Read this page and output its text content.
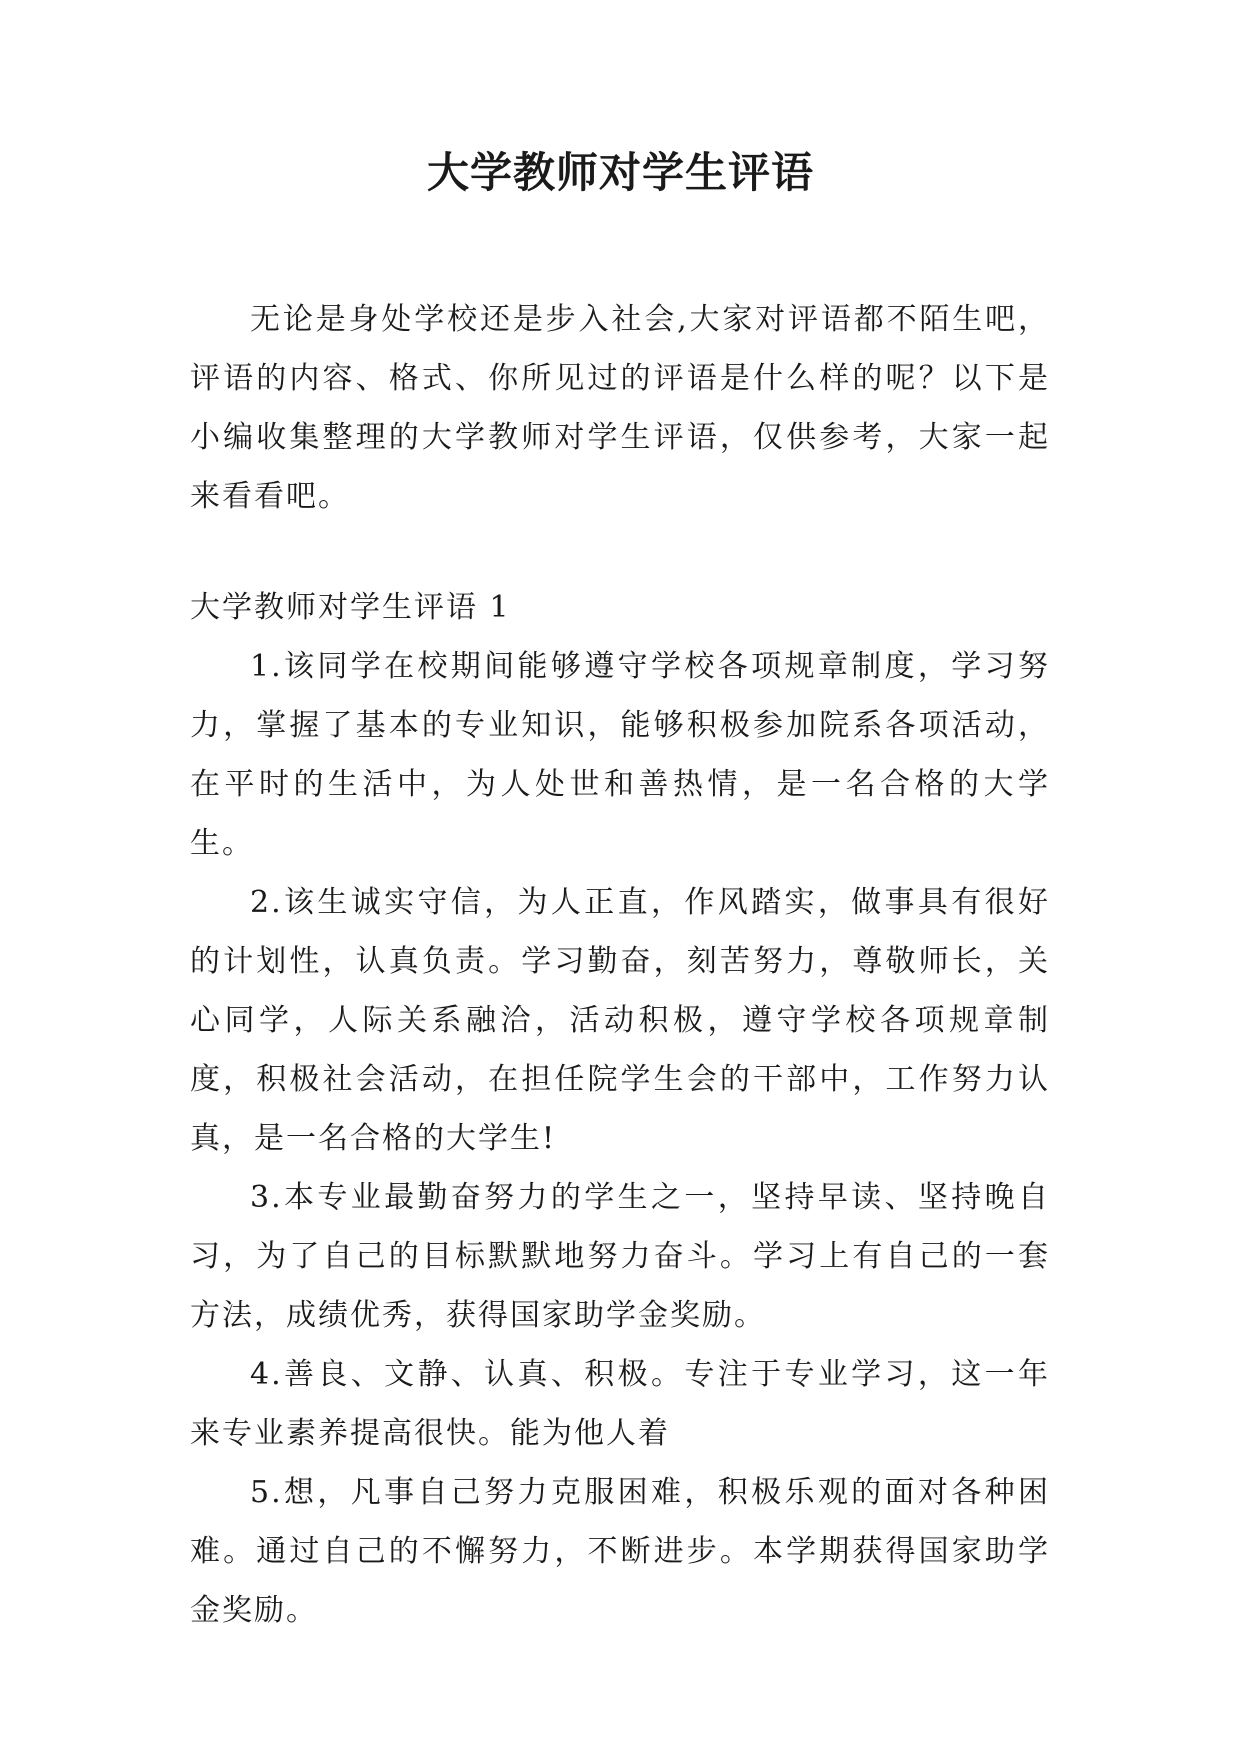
大学教师对学生评语

无论是身处学校还是步入社会,大家对评语都不陌生吧，评语的内容、格式、你所见过的评语是什么样的呢？以下是小编收集整理的大学教师对学生评语，仅供参考，大家一起来看看吧。

大学教师对学生评语 1

1.该同学在校期间能够遵守学校各项规章制度，学习努力，掌握了基本的专业知识，能够积极参加院系各项活动，在平时的生活中，为人处世和善热情，是一名合格的大学生。

2.该生诚实守信，为人正直，作风踏实，做事具有很好的计划性，认真负责。学习勤奋，刻苦努力，尊敬师长，关心同学，人际关系融洽，活动积极，遵守学校各项规章制度，积极社会活动，在担任院学生会的干部中，工作努力认真，是一名合格的大学生!

3.本专业最勤奋努力的学生之一，坚持早读、坚持晚自习，为了自己的目标默默地努力奋斗。学习上有自己的一套方法，成绩优秀，获得国家助学金奖励。

4.善良、文静、认真、积极。专注于专业学习，这一年来专业素养提高很快。能为他人着

5.想，凡事自己努力克服困难，积极乐观的面对各种困难。通过自己的不懈努力，不断进步。本学期获得国家助学金奖励。
